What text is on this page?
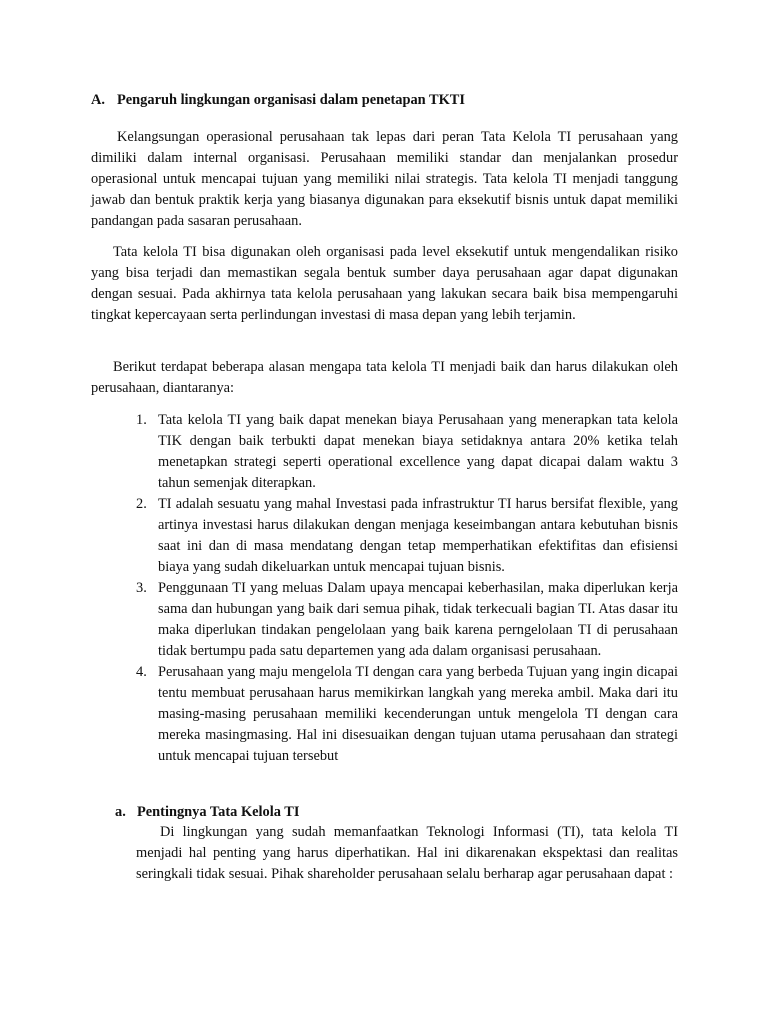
A. Pengaruh lingkungan organisasi dalam penetapan TKTI

Kelangsungan operasional perusahaan tak lepas dari peran Tata Kelola TI perusahaan yang dimiliki dalam internal organisasi. Perusahaan memiliki standar dan menjalankan prosedur operasional untuk mencapai tujuan yang memiliki nilai strategis. Tata kelola TI menjadi tanggung jawab dan bentuk praktik kerja yang biasanya digunakan para eksekutif bisnis untuk dapat memiliki pandangan pada sasaran perusahaan.

Tata kelola TI bisa digunakan oleh organisasi pada level eksekutif untuk mengendalikan risiko yang bisa terjadi dan memastikan segala bentuk sumber daya perusahaan agar dapat digunakan dengan sesuai. Pada akhirnya tata kelola perusahaan yang lakukan secara baik bisa mempengaruhi tingkat kepercayaan serta perlindungan investasi di masa depan yang lebih terjamin.

Berikut terdapat beberapa alasan mengapa tata kelola TI menjadi baik dan harus dilakukan oleh perusahaan, diantaranya:

1. Tata kelola TI yang baik dapat menekan biaya Perusahaan yang menerapkan tata kelola TIK dengan baik terbukti dapat menekan biaya setidaknya antara 20% ketika telah menetapkan strategi seperti operational excellence yang dapat dicapai dalam waktu 3 tahun semenjak diterapkan.
2. TI adalah sesuatu yang mahal Investasi pada infrastruktur TI harus bersifat flexible, yang artinya investasi harus dilakukan dengan menjaga keseimbangan antara kebutuhan bisnis saat ini dan di masa mendatang dengan tetap memperhatikan efektifitas dan efisiensi biaya yang sudah dikeluarkan untuk mencapai tujuan bisnis.
3. Penggunaan TI yang meluas Dalam upaya mencapai keberhasilan, maka diperlukan kerja sama dan hubungan yang baik dari semua pihak, tidak terkecuali bagian TI. Atas dasar itu maka diperlukan tindakan pengelolaan yang baik karena perngelolaan TI di perusahaan tidak bertumpu pada satu departemen yang ada dalam organisasi perusahaan.
4. Perusahaan yang maju mengelola TI dengan cara yang berbeda Tujuan yang ingin dicapai tentu membuat perusahaan harus memikirkan langkah yang mereka ambil. Maka dari itu masing-masing perusahaan memiliki kecenderungan untuk mengelola TI dengan cara mereka masingmasing. Hal ini disesuaikan dengan tujuan utama perusahaan dan strategi untuk mencapai tujuan tersebut
a. Pentingnya Tata Kelola TI

Di lingkungan yang sudah memanfaatkan Teknologi Informasi (TI), tata kelola TI menjadi hal penting yang harus diperhatikan. Hal ini dikarenakan ekspektasi dan realitas seringkali tidak sesuai. Pihak shareholder perusahaan selalu berharap agar perusahaan dapat :
